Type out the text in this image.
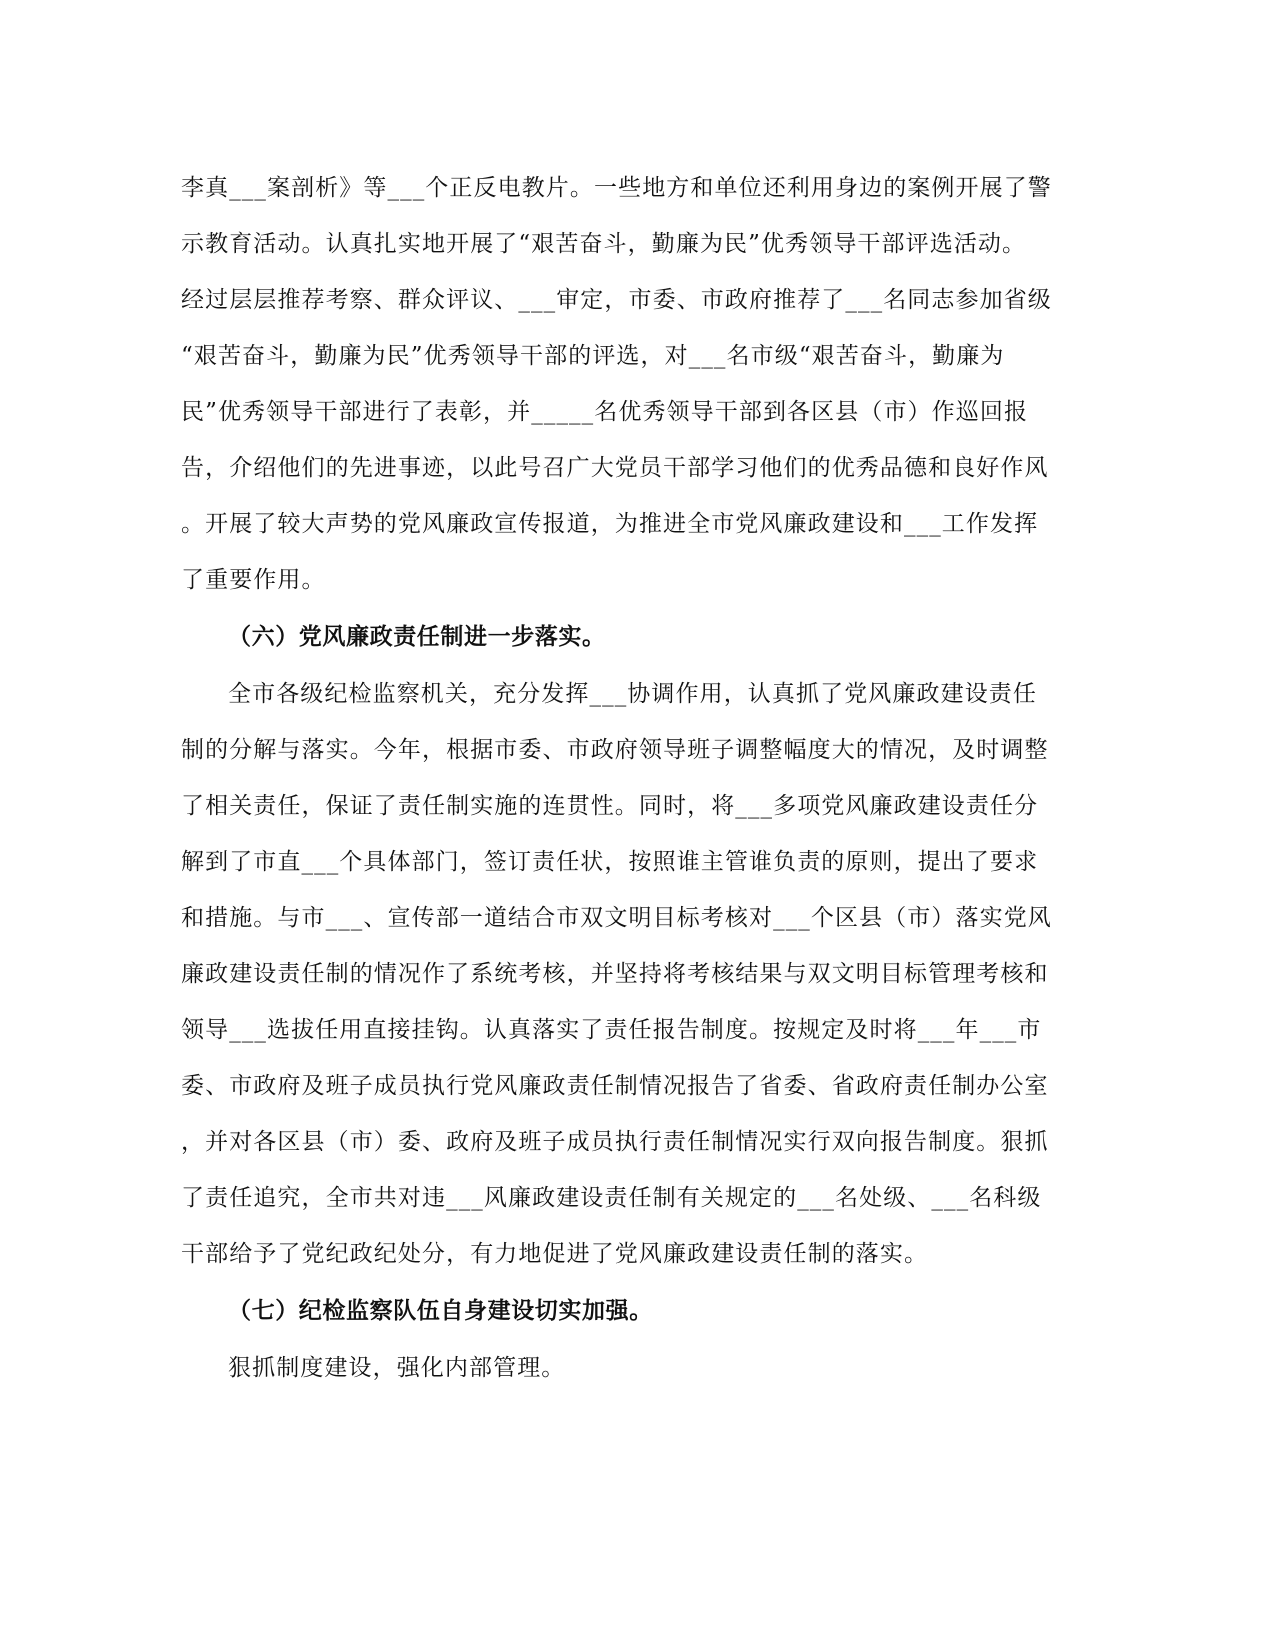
李真___案剖析》等___个正反电教片。一些地方和单位还利用身边的案例开展了警
示教育活动。认真扎实地开展了“艰苦奋斗，勤廉为民”优秀领导干部评选活动。
经过层层推荐考察、群众评议、___审定，市委、市政府推荐了___名同志参加省级
“艰苦奋斗，勤廉为民”优秀领导干部的评选，对___名市级“艰苦奋斗，勤廉为
民”优秀领导干部进行了表彰，并_____名优秀领导干部到各区县（市）作巡回报
告，介绍他们的先进事迹，以此号召广大党员干部学习他们的优秀品德和良好作风
。开展了较大声势的党风廉政宣传报道，为推进全市党风廉政建设和___工作发挥
了重要作用。
（六）党风廉政责任制进一步落实。
全市各级纪检监察机关，充分发挥___协调作用，认真抓了党风廉政建设责任
制的分解与落实。今年，根据市委、市政府领导班子调整幅度大的情况，及时调整
了相关责任，保证了责任制实施的连贯性。同时，将___多项党风廉政建设责任分
解到了市直___个具体部门，签订责任状，按照谁主管谁负责的原则，提出了要求
和措施。与市___、宣传部一道结合市双文明目标考核对___个区县（市）落实党风
廉政建设责任制的情况作了系统考核，并坚持将考核结果与双文明目标管理考核和
领导___选拔任用直接挂钩。认真落实了责任报告制度。按规定及时将___年___市
委、市政府及班子成员执行党风廉政责任制情况报告了省委、省政府责任制办公室
，并对各区县（市）委、政府及班子成员执行责任制情况实行双向报告制度。狠抓
了责任追究，全市共对违___风廉政建设责任制有关规定的___名处级、___名科级
干部给予了党纪政纪处分，有力地促进了党风廉政建设责任制的落实。
（七）纪检监察队伍自身建设切实加强。
狠抓制度建设，强化内部管理。
